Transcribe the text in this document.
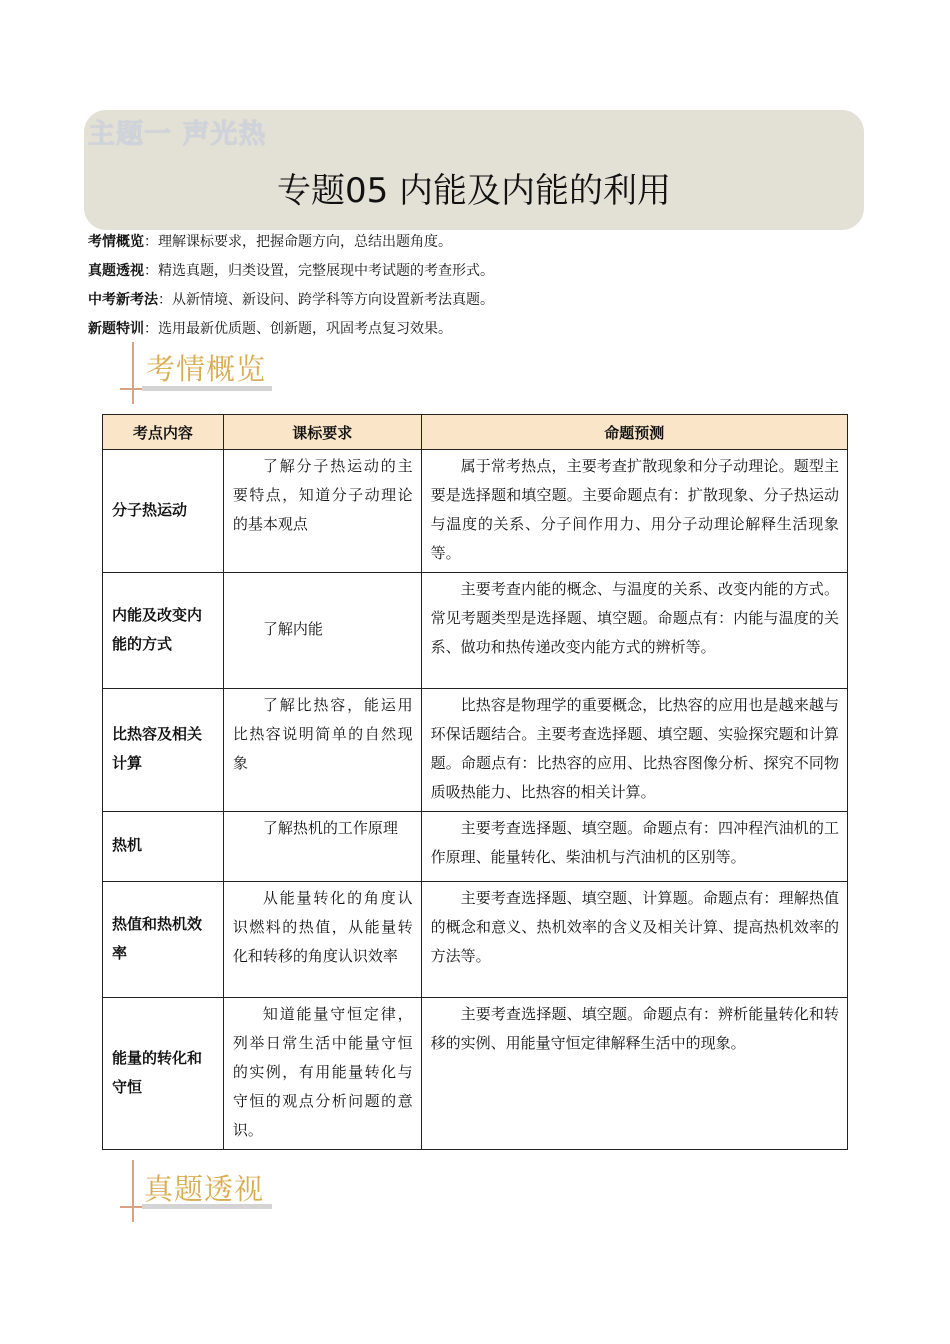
主题一 声光热
专题05 内能及内能的利用
考情概览：理解课标要求，把握命题方向，总结出题角度。
真题透视：精选真题，归类设置，完整展现中考试题的考查形式。
中考新考法：从新情境、新设问、跨学科等方向设置新考法真题。
新题特训：选用最新优质题、创新题，巩固考点复习效果。
考情概览
考点内容	课标要求	命题预测
分子热运动	了解分子热运动的主要特点，知道分子动理论的基本观点	属于常考热点，主要考查扩散现象和分子动理论。题型主要是选择题和填空题。主要命题点有：扩散现象、分子热运动与温度的关系、分子间作用力、用分子动理论解释生活现象等。
内能及改变内能的方式	了解内能	主要考查内能的概念、与温度的关系、改变内能的方式。常见考题类型是选择题、填空题。命题点有：内能与温度的关系、做功和热传递改变内能方式的辨析等。
比热容及相关计算	了解比热容，能运用比热容说明简单的自然现象	比热容是物理学的重要概念，比热容的应用也是越来越与环保话题结合。主要考查选择题、填空题、实验探究题和计算题。命题点有：比热容的应用、比热容图像分析、探究不同物质吸热能力、比热容的相关计算。
热机	了解热机的工作原理	主要考查选择题、填空题。命题点有：四冲程汽油机的工作原理、能量转化、柴油机与汽油机的区别等。
热值和热机效率	从能量转化的角度认识燃料的热值，从能量转化和转移的角度认识效率	主要考查选择题、填空题、计算题。命题点有：理解热值的概念和意义、热机效率的含义及相关计算、提高热机效率的方法等。
能量的转化和守恒	知道能量守恒定律，列举日常生活中能量守恒的实例，有用能量转化与守恒的观点分析问题的意识。	主要考查选择题、填空题。命题点有：辨析能量转化和转移的实例、用能量守恒定律解释生活中的现象。
真题透视
